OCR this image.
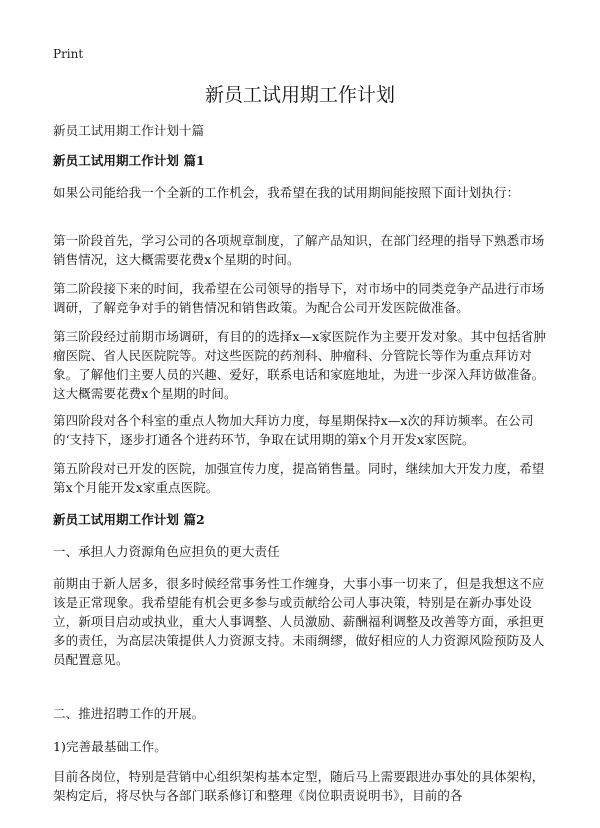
Print
新员工试用期工作计划
新员工试用期工作计划十篇
新员工试用期工作计划 篇1
如果公司能给我一个全新的工作机会，我希望在我的试用期间能按照下面计划执行：
第一阶段首先，学习公司的各项规章制度，了解产品知识，在部门经理的指导下熟悉市场销售情况，这大概需要花费x个星期的时间。
第二阶段接下来的时间，我希望在公司领导的指导下，对市场中的同类竞争产品进行市场调研，了解竞争对手的销售情况和销售政策。为配合公司开发医院做准备。
第三阶段经过前期市场调研，有目的的选择x—x家医院作为主要开发对象。其中包括省肿瘤医院、省人民医院院等。对这些医院的药剂科、肿瘤科、分管院长等作为重点拜访对象。了解他们主要人员的兴趣、爱好，联系电话和家庭地址，为进一步深入拜访做准备。这大概需要花费x个星期的时间。
第四阶段对各个科室的重点人物加大拜访力度，每星期保持x—x次的拜访频率。在公司的‘支持下，逐步打通各个进药环节，争取在试用期的第x个月开发x家医院。
第五阶段对已开发的医院，加强宣传力度，提高销售量。同时，继续加大开发力度，希望第x个月能开发x家重点医院。
新员工试用期工作计划 篇2
一、承担人力资源角色应担负的更大责任
前期由于新人居多，很多时候经常事务性工作缠身，大事小事一切来了，但是我想这不应该是正常现象。我希望能有机会更多参与或贡献给公司人事决策，特别是在新办事处设立，新项目启动或执业，重大人事调整、人员激励、薪酬福利调整及改善等方面，承担更多的责任，为高层决策提供人力资源支持。未雨绸缪，做好相应的人力资源风险预防及人员配置意见。
二、推进招聘工作的开展。
1)完善最基础工作。
目前各岗位，特别是营销中心组织架构基本定型，随后马上需要跟进办事处的具体架构，架构定后，将尽快与各部门联系修订和整理《岗位职责说明书》，目前的各
